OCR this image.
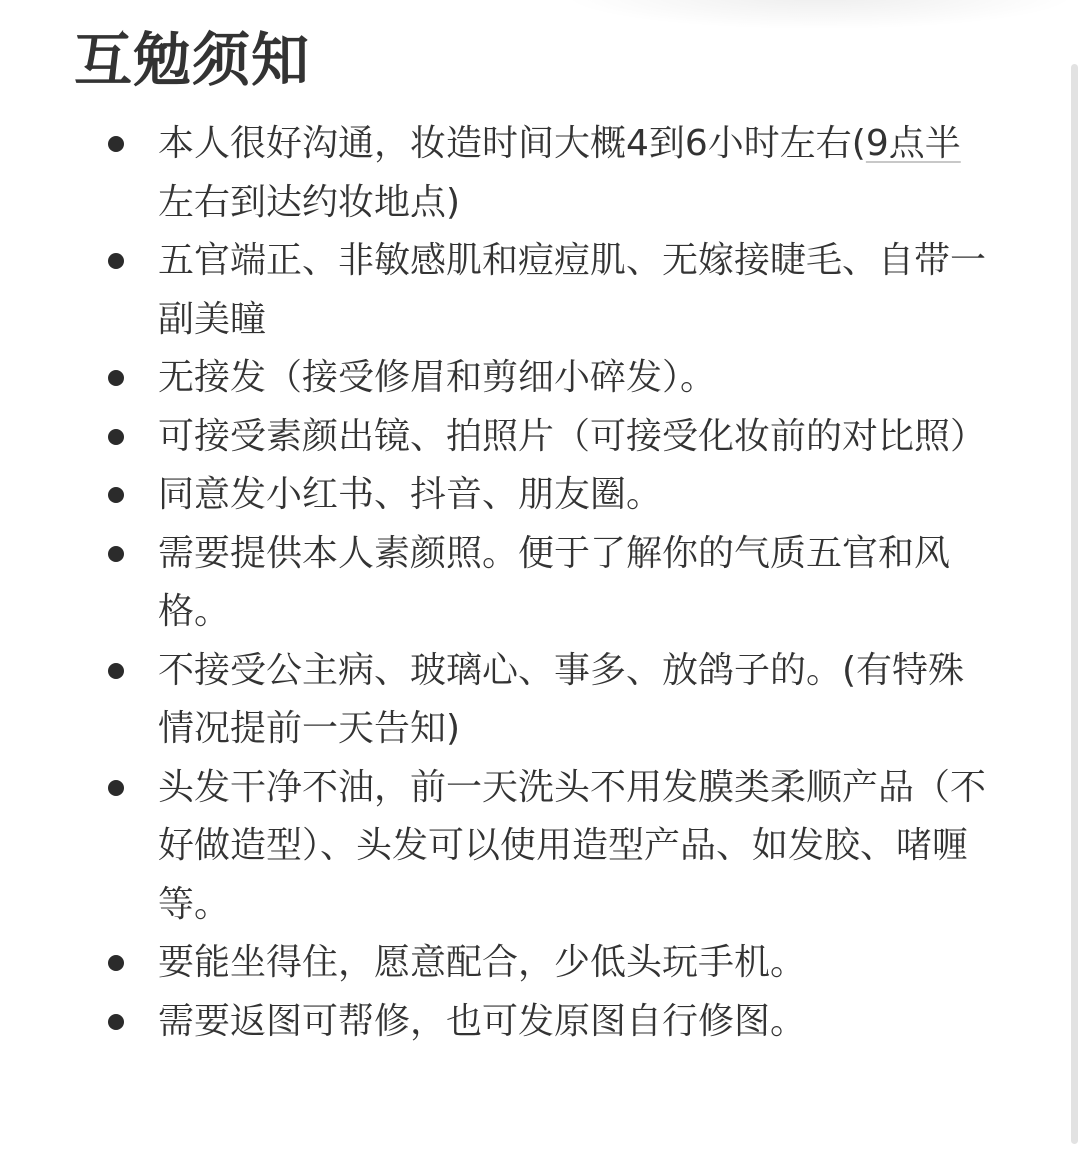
互勉须知
本人很好沟通，妆造时间大概4到6小时左右(9点半左右到达约妆地点)
五官端正、非敏感肌和痘痘肌、无嫁接睫毛、自带一副美瞳
无接发（接受修眉和剪细小碎发）。
可接受素颜出镜、拍照片（可接受化妆前的对比照）
同意发小红书、抖音、朋友圈。
需要提供本人素颜照。便于了解你的气质五官和风格。
不接受公主病、玻璃心、事多、放鸽子的。(有特殊情况提前一天告知)
头发干净不油，前一天洗头不用发膜类柔顺产品（不好做造型）、头发可以使用造型产品、如发胶、啫喱等。
要能坐得住，愿意配合，少低头玩手机。
需要返图可帮修，也可发原图自行修图。
